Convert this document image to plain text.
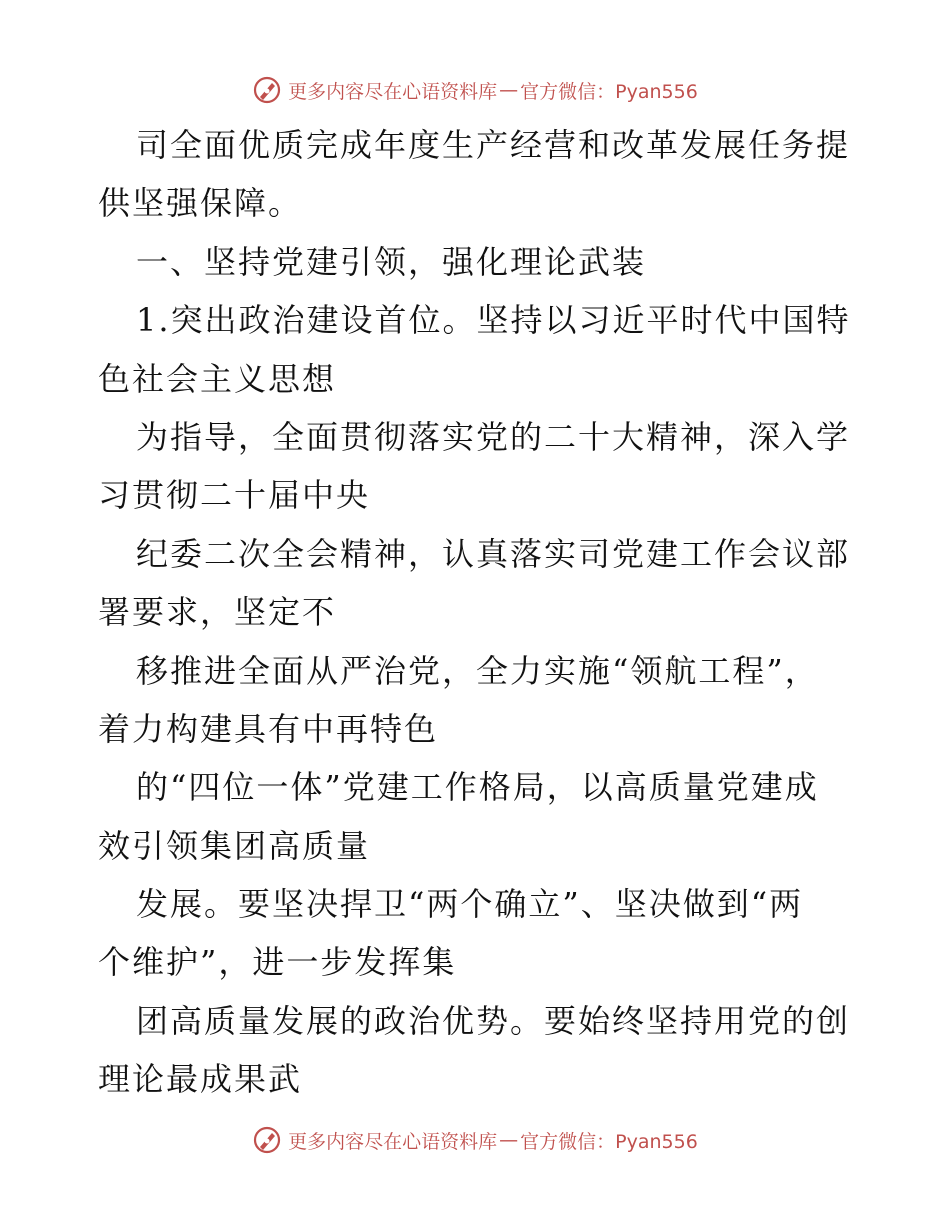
更多内容尽在心语资料库 — 官方微信：Pyan556
司全面优质完成年度生产经营和改革发展任务提
供坚强保障。
一、坚持党建引领，强化理论武装
1.突出政治建设首位。坚持以习近平时代中国特
色社会主义思想
为指导，全面贯彻落实党的二十大精神，深入学
习贯彻二十届中央
纪委二次全会精神，认真落实司党建工作会议部
署要求，坚定不
移推进全面从严治党，全力实施“领航工程”，
着力构建具有中再特色
的“四位一体”党建工作格局，以高质量党建成
效引领集团高质量
发展。要坚决捍卫“两个确立”、坚决做到“两
个维护”，进一步发挥集
团高质量发展的政治优势。要始终坚持用党的创
理论最成果武
更多内容尽在心语资料库 — 官方微信：Pyan556
